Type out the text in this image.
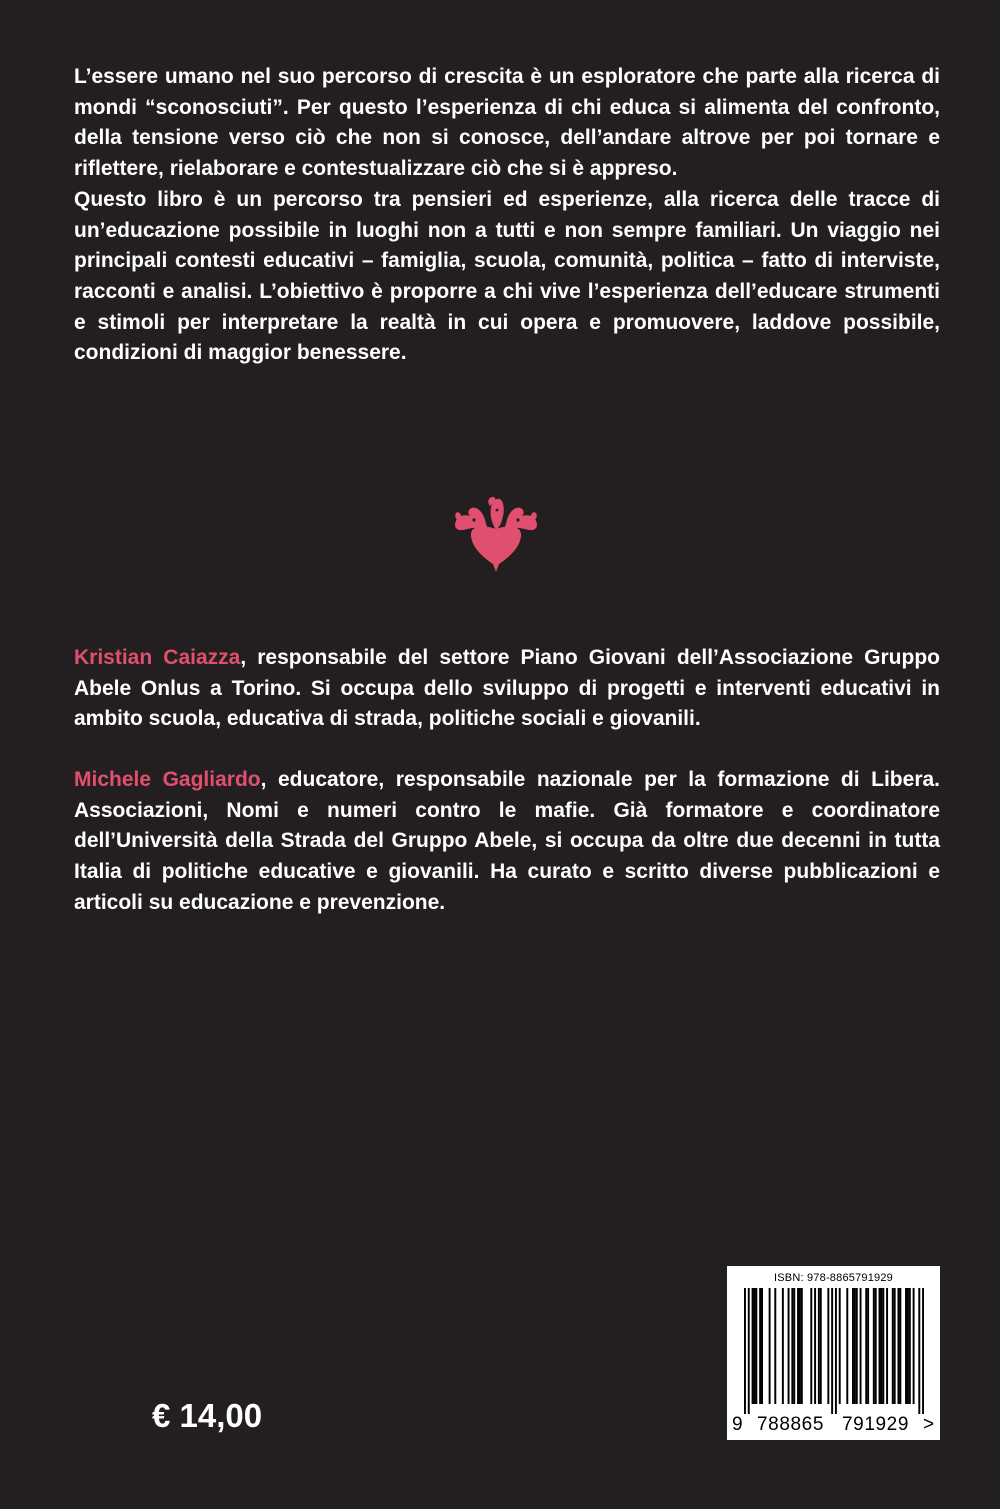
L’essere umano nel suo percorso di crescita è un esploratore che parte alla ricerca di mondi “sconosciuti”. Per questo l’esperienza di chi educa si alimenta del confronto, della tensione verso ciò che non si conosce, dell’andare altrove per poi tornare e riflettere, rielaborare e contestualizzare ciò che si è appreso.

Questo libro è un percorso tra pensieri ed esperienze, alla ricerca delle tracce di un’educazione possibile in luoghi non a tutti e non sempre familiari. Un viaggio nei principali contesti educativi – famiglia, scuola, comunità, politica – fatto di interviste, racconti e analisi. L’obiettivo è proporre a chi vive l’esperienza dell’educare strumenti e stimoli per interpretare la realtà in cui opera e promuovere, laddove possibile, condizioni di maggior benessere.

Kristian Caiazza, responsabile del settore Piano Giovani dell’Associazione Gruppo Abele Onlus a Torino. Si occupa dello sviluppo di progetti e interventi educativi in ambito scuola, educativa di strada, politiche sociali e giovanili.

Michele Gagliardo, educatore, responsabile nazionale per la formazione di Libera. Associazioni, Nomi e numeri contro le mafie. Già formatore e coordinatore dell’Università della Strada del Gruppo Abele, si occupa da oltre due decenni in tutta Italia di politiche educative e giovanili. Ha curato e scritto diverse pubblicazioni e articoli su educazione e prevenzione.

€ 14,00
ISBN: 978-8865791929
9 788865 791929 >
